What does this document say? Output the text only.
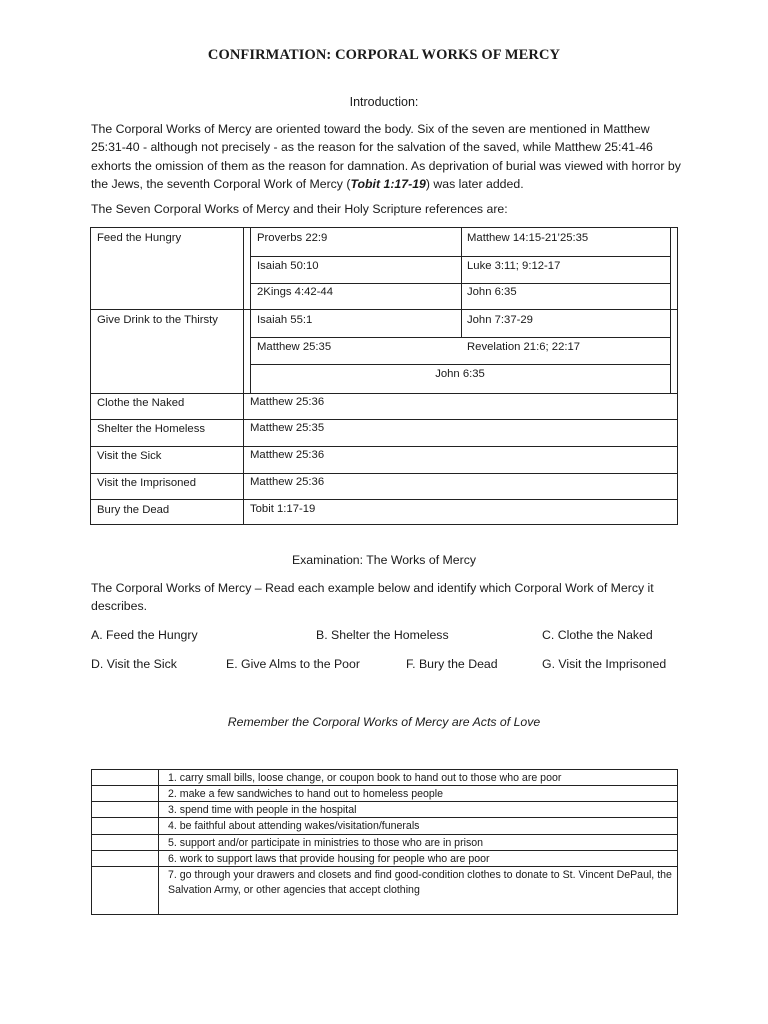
CONFIRMATION: CORPORAL WORKS OF MERCY
Introduction:

The Corporal Works of Mercy are oriented toward the body. Six of the seven are mentioned in Matthew 25:31-40 - although not precisely - as the reason for the salvation of the saved, while Matthew 25:41-46 exhorts the omission of them as the reason for damnation. As deprivation of burial was viewed with horror by the Jews, the seventh Corporal Work of Mercy (Tobit 1:17-19) was later added.

The Seven Corporal Works of Mercy and their Holy Scripture references are:

Feed the Hungry	Proverbs 22:9	Matthew 14:15-21’25:35
Isaiah 50:10	Luke 3:11; 9:12-17
2Kings 4:42-44	John 6:35
Give Drink to the Thirsty	Isaiah 55:1	John 7:37-29
Matthew 25:35	Revelation 21:6; 22:17
John 6:35
Clothe the Naked	Matthew 25:36
Shelter the Homeless	Matthew 25:35
Visit the Sick	Matthew 25:36
Visit the Imprisoned	Matthew 25:36
Bury the Dead	Tobit 1:17-19
Examination: The Works of Mercy

The Corporal Works of Mercy – Read each example below and identify which Corporal Work of Mercy it describes.

A. Feed the Hungry	B. Shelter the Homeless	C. Clothe the Naked
D. Visit the Sick	E. Give Alms to the Poor	F. Bury the Dead	G. Visit the Imprisoned
Remember the Corporal Works of Mercy are Acts of Love
1. carry small bills, loose change, or coupon book to hand out to those who are poor
2. make a few sandwiches to hand out to homeless people
3. spend time with people in the hospital
4. be faithful about attending wakes/visitation/funerals
5. support and/or participate in ministries to those who are in prison
6. work to support laws that provide housing for people who are poor
7. go through your drawers and closets and find good-condition clothes to donate to St. Vincent DePaul, the Salvation Army, or other agencies that accept clothing
